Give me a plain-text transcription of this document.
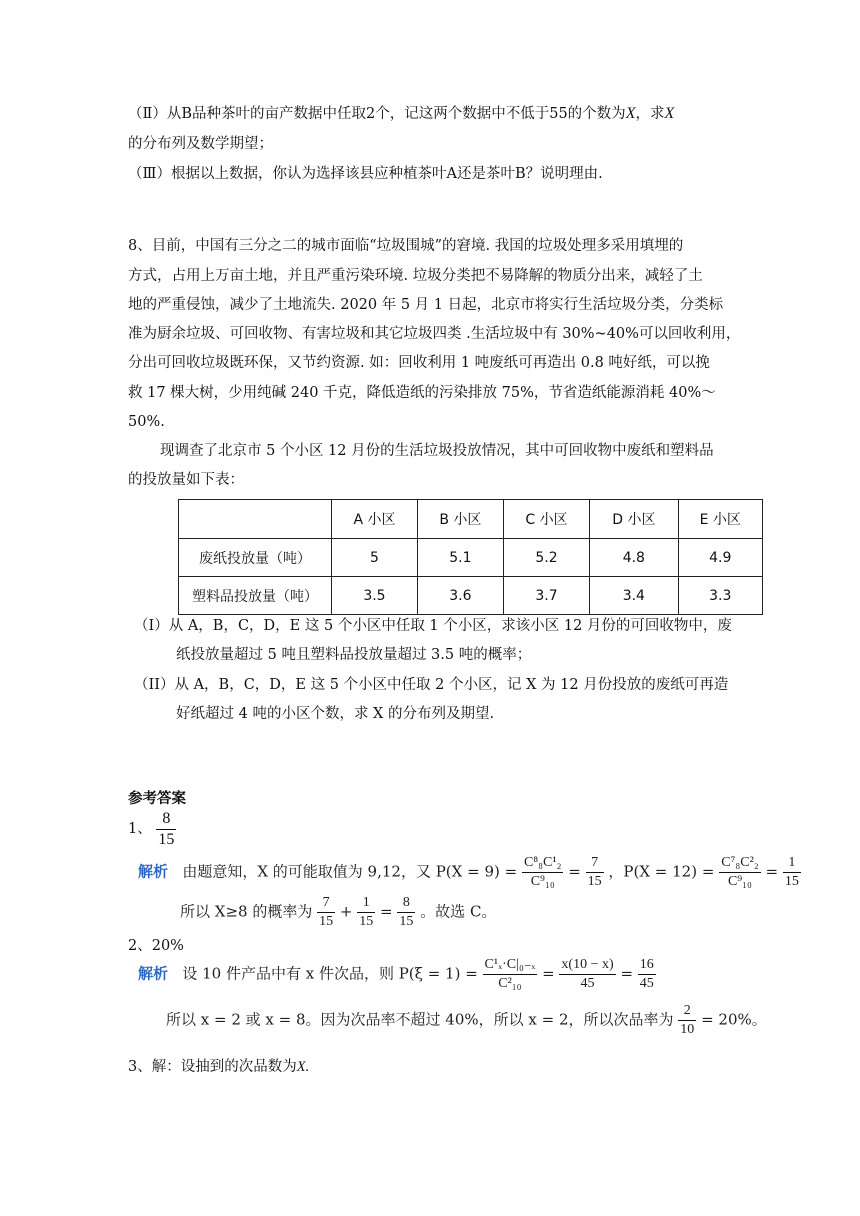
（Ⅱ）从B品种茶叶的亩产数据中任取2个，记这两个数据中不低于55的个数为X，求X
的分布列及数学期望；
（Ⅲ）根据以上数据，你认为选择该县应种植茶叶A还是茶叶B？说明理由.
8、目前，中国有三分之二的城市面临“垃圾围城”的窘境. 我国的垃圾处理多采用填埋的
方式，占用上万亩土地，并且严重污染环境. 垃圾分类把不易降解的物质分出来，减轻了土
地的严重侵蚀，减少了土地流失. 2020 年 5 月 1 日起，北京市将实行生活垃圾分类，分类标
准为厨余垃圾、可回收物、有害垃圾和其它垃圾四类 .生活垃圾中有 30%~40%可以回收利用，
分出可回收垃圾既环保，又节约资源. 如：回收利用 1 吨废纸可再造出 0.8 吨好纸，可以挽
救 17 棵大树，少用纯碱 240 千克，降低造纸的污染排放 75%，节省造纸能源消耗 40%～
50%.
现调查了北京市 5 个小区 12 月份的生活垃圾投放情况，其中可回收物中废纸和塑料品
的投放量如下表：
	A 小区	B 小区	C 小区	D 小区	E 小区
废纸投放量（吨）	5	5.1	5.2	4.8	4.9
塑料品投放量（吨）	3.5	3.6	3.7	3.4	3.3
（I）从 A，B，C，D，E 这 5 个小区中任取 1 个小区，求该小区 12 月份的可回收物中，废
纸投放量超过 5 吨且塑料品投放量超过 3.5 吨的概率；
（II）从 A，B，C，D，E 这 5 个小区中任取 2 个小区，记 X 为 12 月份投放的废纸可再造
好纸超过 4 吨的小区个数，求 X 的分布列及期望.
参考答案
1、 $\frac{8}{15}$
解析 由题意知，X 的可能取值为 9,12，又 $P(X = 9) = \frac{\text{C⁸₈C¹₂}}{\text{C⁹₁₀}} = \frac{7}{15}$ ，$P(X = 12) = \frac{\text{C⁷₈C²₂}}{\text{C⁹₁₀}} = \frac{1}{15}$
所以 X≥8 的概率为 $\frac{7}{15} + \frac{1}{15} = \frac{8}{15}$ 。故选 C。
2、20%
解析 设 10 件产品中有 x 件次品，则 $P(\xi = 1) = \frac{\text{C¹ₓ·C|₀₋ₓ}}{\text{C²₁₀}} = \frac{x(10 - x)}{45} = \frac{16}{45}$
所以 x = 2 或 x = 8。因为次品率不超过 40%，所以 x = 2，所以次品率为 $\frac{2}{10} = 20\%$。
3、解：设抽到的次品数为X.
